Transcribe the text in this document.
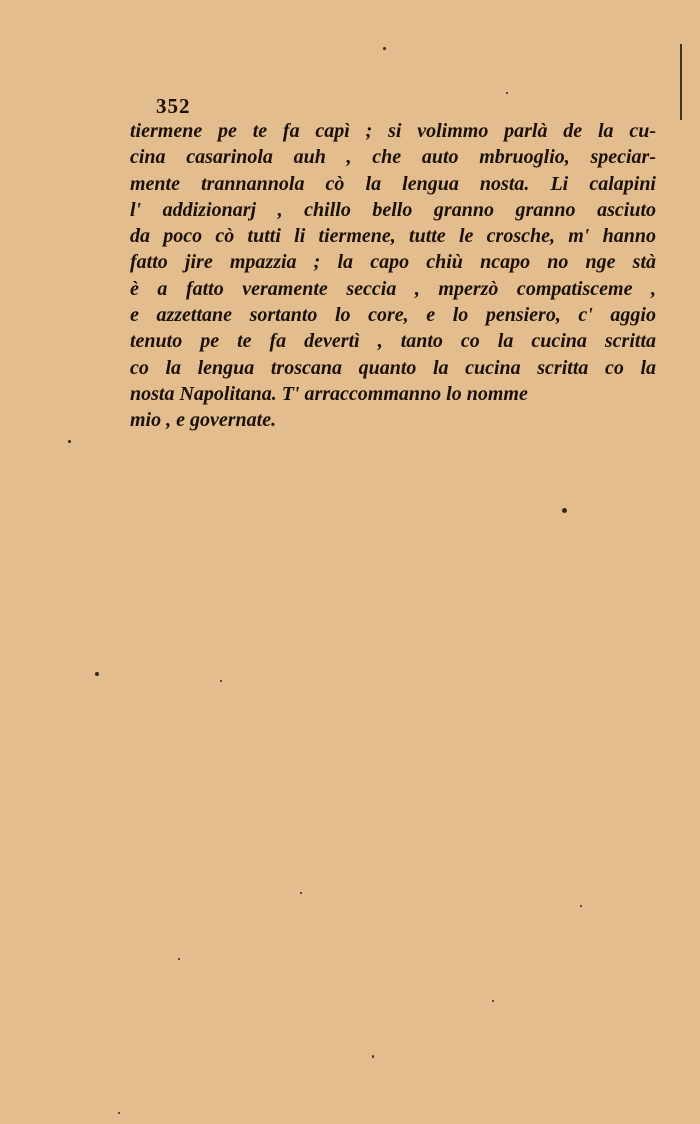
352
tiermene pe te fa capì ; si volimmo parlà de la cu-
cina casarinola auh , che auto mbruoglio, speciar-
mente trannannola cò la lengua nosta. Li calapini
l' addizionarj , chillo bello granno granno asciuto
da poco cò tutti li tiermene, tutte le crosche, m' hanno
fatto jire mpazzia ; la capo chiù ncapo no nge stà
è a fatto veramente seccia , mperzò compatisceme ,
e azzettane sortanto lo core, e lo pensiero, c' aggio
tenuto pe te fa devertì , tanto co la cucina scritta
co la lengua troscana quanto la cucina scritta co la
nosta Napolitana. T' arraccommanno lo nomme
mio , e governate.
